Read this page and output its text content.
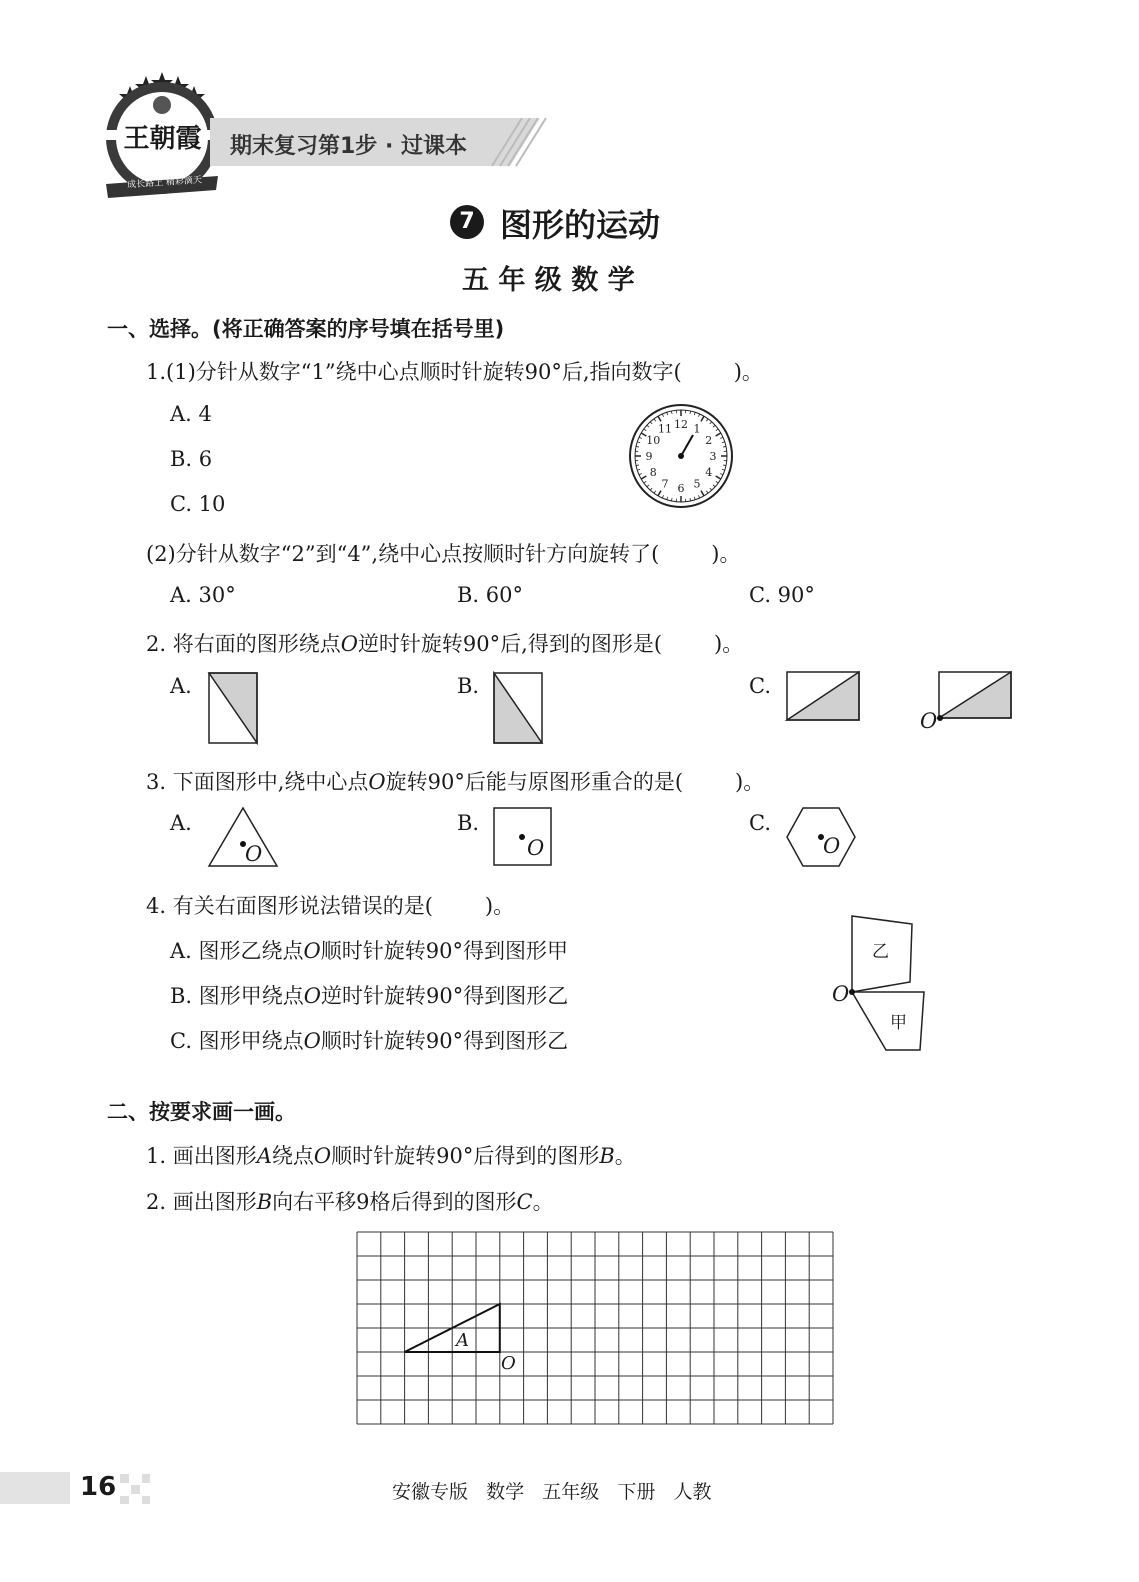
王朝霞
成长路上 精彩滴天
期末复习第1步 · 过课本
7 图形的运动
五 年 级 数 学
一、选择。(将正确答案的序号填在括号里)
1.(1)分针从数字“1”绕中心点顺时针旋转90°后,指向数字( )。
A. 4
B. 6
C. 10
12 1
2
3
4
5
6
7
8
9
10
11
(2)分针从数字“2”到“4”,绕中心点按顺时针方向旋转了( )。
A. 30°	B. 60°	C. 90°
2. 将右面的图形绕点O逆时针旋转90°后,得到的图形是( )。
A.	B.	C.
O
3. 下面图形中,绕中心点O旋转90°后能与原图形重合的是( )。
A.
O
B.
O
C.
O
4. 有关右面图形说法错误的是( )。
A. 图形乙绕点O顺时针旋转90°得到图形甲
B. 图形甲绕点O逆时针旋转90°得到图形乙
C. 图形甲绕点O顺时针旋转90°得到图形乙
乙
甲
O
二、按要求画一画。
1. 画出图形A绕点O顺时针旋转90°后得到的图形B。
2. 画出图形B向右平移9格后得到的图形C。
A
O
16	安徽专版   数学   五年级   下册   人教
